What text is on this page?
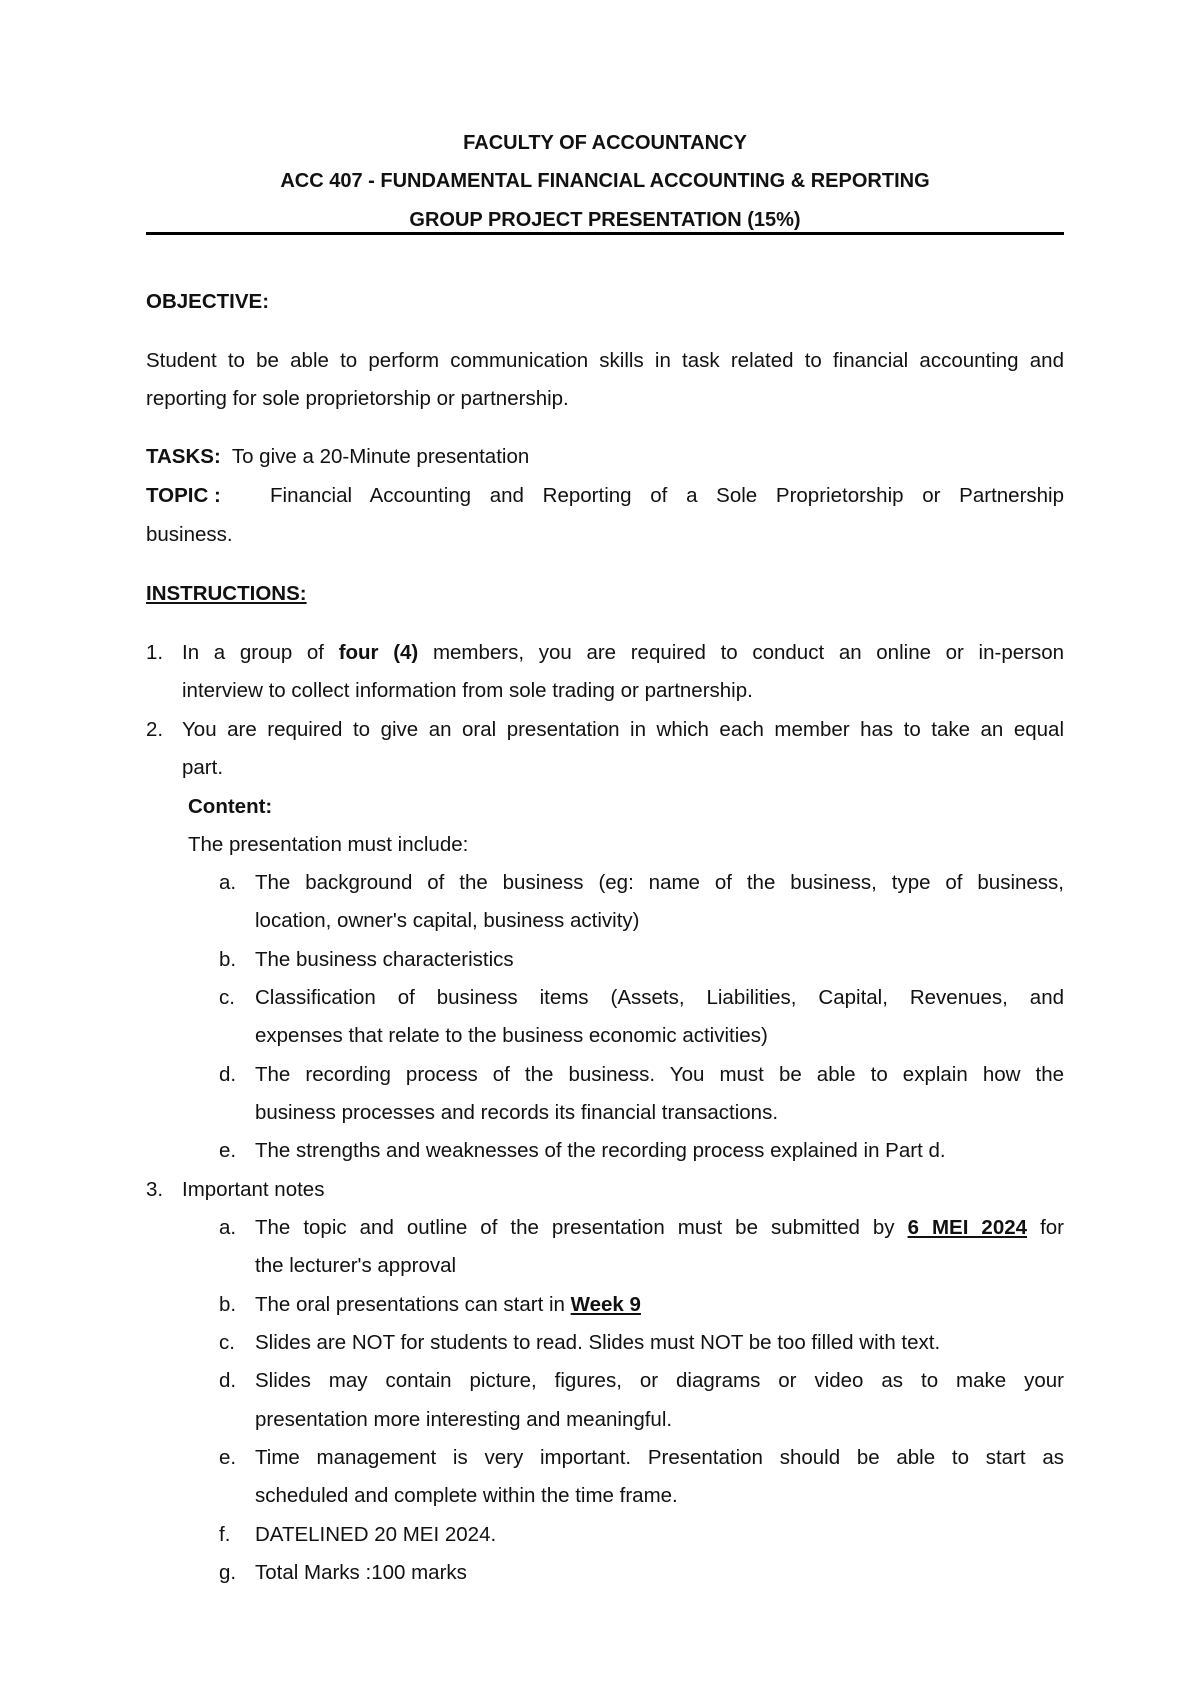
FACULTY OF ACCOUNTANCY
ACC 407 - FUNDAMENTAL FINANCIAL ACCOUNTING & REPORTING
GROUP PROJECT PRESENTATION (15%)
OBJECTIVE:
Student to be able to perform communication skills in task related to financial accounting and
reporting for sole proprietorship or partnership.
TASKS: To give a 20-Minute presentation
TOPIC : Financial Accounting and Reporting of a Sole Proprietorship or Partnership
business.
INSTRUCTIONS:
1. In a group of four (4) members, you are required to conduct an online or in-person
interview to collect information from sole trading or partnership.
2. You are required to give an oral presentation in which each member has to take an equal
part.
Content:
The presentation must include:
a. The background of the business (eg: name of the business, type of business,
location, owner's capital, business activity)
b. The business characteristics
c. Classification of business items (Assets, Liabilities, Capital, Revenues, and
expenses that relate to the business economic activities)
d. The recording process of the business. You must be able to explain how the
business processes and records its financial transactions.
e. The strengths and weaknesses of the recording process explained in Part d.
3. Important notes
a. The topic and outline of the presentation must be submitted by 6 MEI 2024 for
the lecturer's approval
b. The oral presentations can start in Week 9
c. Slides are NOT for students to read. Slides must NOT be too filled with text.
d. Slides may contain picture, figures, or diagrams or video as to make your
presentation more interesting and meaningful.
e. Time management is very important. Presentation should be able to start as
scheduled and complete within the time frame.
f. DATELINED 20 MEI 2024.
g. Total Marks :100 marks
